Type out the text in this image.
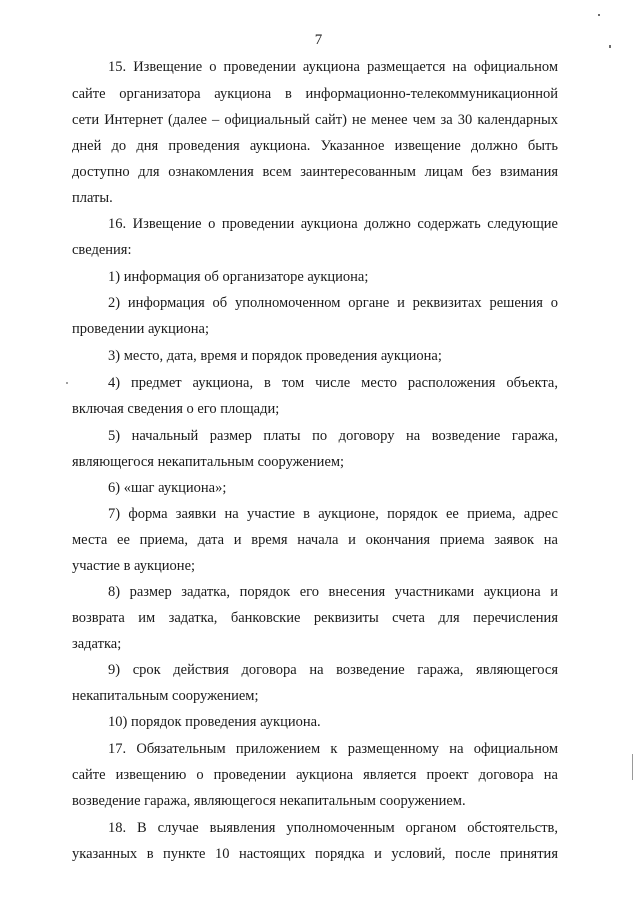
7
15. Извещение о проведении аукциона размещается на официальном
сайте организатора аукциона в информационно-телекоммуникационной
сети Интернет (далее – официальный сайт) не менее чем за 30 календарных
дней до дня проведения аукциона. Указанное извещение должно быть
доступно для ознакомления всем заинтересованным лицам без взимания
платы.
16. Извещение о проведении аукциона должно содержать следующие
сведения:
1) информация об организаторе аукциона;
2) информация об уполномоченном органе и реквизитах решения о
проведении аукциона;
3) место, дата, время и порядок проведения аукциона;
4) предмет аукциона, в том числе место расположения объекта,
включая сведения о его площади;
5) начальный размер платы по договору на возведение гаража,
являющегося некапитальным сооружением;
6) «шаг аукциона»;
7) форма заявки на участие в аукционе, порядок ее приема, адрес
места ее приема, дата и время начала и окончания приема заявок на
участие в аукционе;
8) размер задатка, порядок его внесения участниками аукциона и
возврата им задатка, банковские реквизиты счета для перечисления
задатка;
9) срок действия договора на возведение гаража, являющегося
некапитальным сооружением;
10) порядок проведения аукциона.
17. Обязательным приложением к размещенному на официальном
сайте извещению о проведении аукциона является проект договора на
возведение гаража, являющегося некапитальным сооружением.
18. В случае выявления уполномоченным органом обстоятельств,
указанных в пункте 10 настоящих порядка и условий, после принятия
